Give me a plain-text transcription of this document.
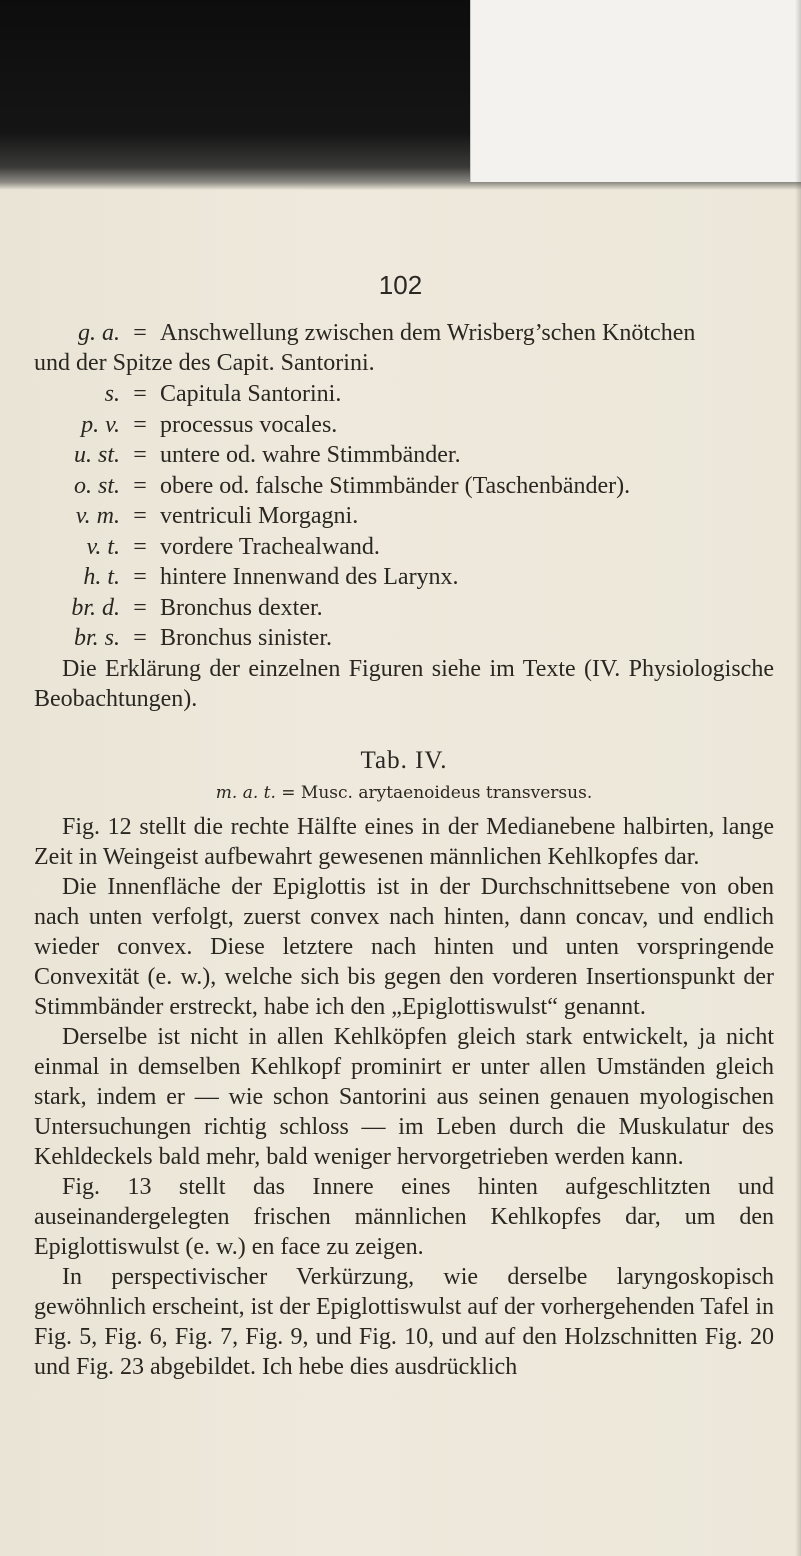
102
g. a. = Anschwellung zwischen dem Wrisberg’schen Knötchen
und der Spitze des Capit. Santorini.
s. = Capitula Santorini.
p. v. = processus vocales.
u. st. = untere od. wahre Stimmbänder.
o. st. = obere od. falsche Stimmbänder (Taschenbänder).
v. m. = ventriculi Morgagni.
v. t. = vordere Trachealwand.
h. t. = hintere Innenwand des Larynx.
br. d. = Bronchus dexter.
br. s. = Bronchus sinister.

Die Erklärung der einzelnen Figuren siehe im Texte (IV. Physiologische Beobachtungen).

Tab. IV.
m. a. t. = Musc. arytaenoideus transversus.

Fig. 12 stellt die rechte Hälfte eines in der Medianebene halbirten, lange Zeit in Weingeist aufbewahrt gewesenen männlichen Kehlkopfes dar.

Die Innenfläche der Epiglottis ist in der Durchschnittsebene von oben nach unten verfolgt, zuerst convex nach hinten, dann concav, und endlich wieder convex. Diese letztere nach hinten und unten vorspringende Convexität (e. w.), welche sich bis gegen den vorderen Insertionspunkt der Stimmbänder erstreckt, habe ich den „Epiglottiswulst“ genannt.

Derselbe ist nicht in allen Kehlköpfen gleich stark entwickelt, ja nicht einmal in demselben Kehlkopf prominirt er unter allen Umständen gleich stark, indem er — wie schon Santorini aus seinen genauen myologischen Untersuchungen richtig schloss — im Leben durch die Muskulatur des Kehldeckels bald mehr, bald weniger hervorgetrieben werden kann.

Fig. 13 stellt das Innere eines hinten aufgeschlitzten und auseinandergelegten frischen männlichen Kehlkopfes dar, um den Epiglottiswulst (e. w.) en face zu zeigen.

In perspectivischer Verkürzung, wie derselbe laryngoskopisch gewöhnlich erscheint, ist der Epiglottiswulst auf der vorhergehenden Tafel in Fig. 5, Fig. 6, Fig. 7, Fig. 9, und Fig. 10, und auf den Holzschnitten Fig. 20 und Fig. 23 abgebildet. Ich hebe dies ausdrücklich
